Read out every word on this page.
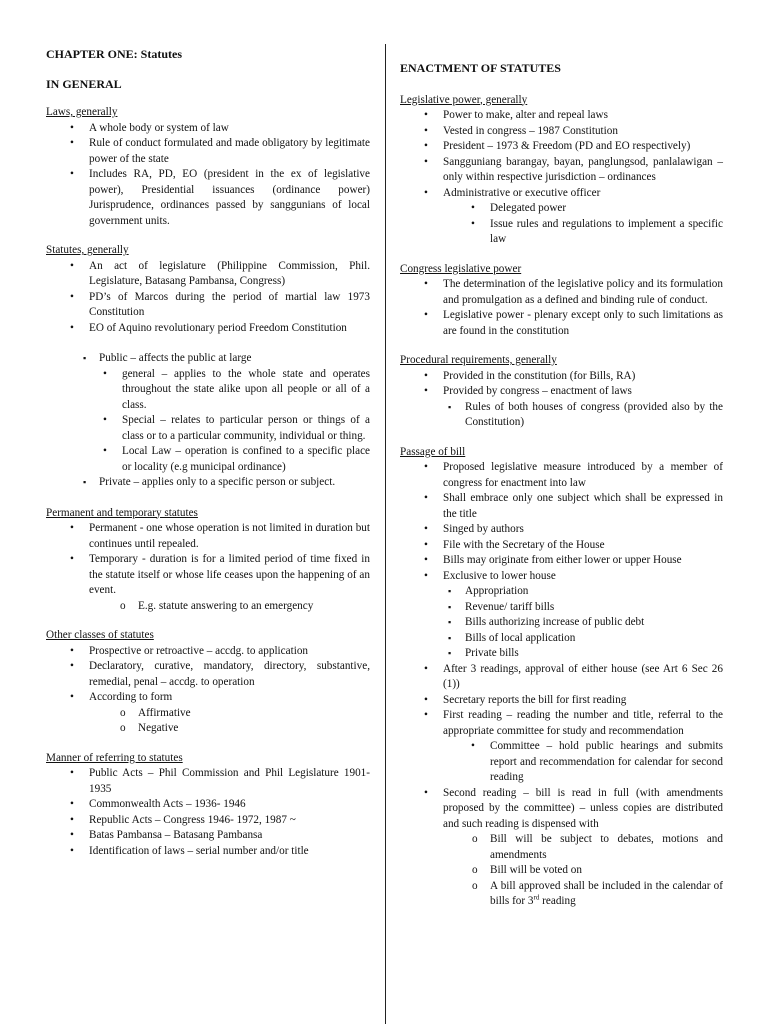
CHAPTER ONE: Statutes
IN GENERAL
Laws, generally
• A whole body or system of law
• Rule of conduct formulated and made obligatory by legitimate power of the state
• Includes RA, PD, EO (president in the ex of legislative power), Presidential issuances (ordinance power) Jurisprudence, ordinances passed by sanggunians of local government units.
Statutes, generally
• An act of legislature (Philippine Commission, Phil. Legislature, Batasang Pambansa, Congress)
• PD’s of Marcos during the period of martial law 1973 Constitution
• EO of Aquino revolutionary period Freedom Constitution
▪ Public – affects the public at large
• general – applies to the whole state and operates throughout the state alike upon all people or all of a class.
• Special – relates to particular person or things of a class or to a particular community, individual or thing.
• Local Law – operation is confined to a specific place or locality (e.g municipal ordinance)
▪ Private – applies only to a specific person or subject.
Permanent and temporary statutes
• Permanent - one whose operation is not limited in duration but continues until repealed.
• Temporary - duration is for a limited period of time fixed in the statute itself or whose life ceases upon the happening of an event.
o E.g. statute answering to an emergency
Other classes of statutes
• Prospective or retroactive – accdg. to application
• Declaratory, curative, mandatory, directory, substantive, remedial, penal – accdg. to operation
• According to form
o Affirmative
o Negative
Manner of referring to statutes
• Public Acts – Phil Commission and Phil Legislature 1901- 1935
• Commonwealth Acts – 1936- 1946
• Republic Acts – Congress 1946- 1972, 1987 ~
• Batas Pambansa – Batasang Pambansa
• Identification of laws – serial number and/or title
ENACTMENT OF STATUTES
Legislative power, generally
• Power to make, alter and repeal laws
• Vested in congress – 1987 Constitution
• President – 1973 & Freedom (PD and EO respectively)
• Sangguniang barangay, bayan, panglungsod, panlalawigan – only within respective jurisdiction – ordinances
• Administrative or executive officer
• Delegated power
• Issue rules and regulations to implement a specific law
Congress legislative power
• The determination of the legislative policy and its formulation and promulgation as a defined and binding rule of conduct.
• Legislative power - plenary except only to such limitations as are found in the constitution
Procedural requirements, generally
• Provided in the constitution (for Bills, RA)
• Provided by congress – enactment of laws
▪ Rules of both houses of congress (provided also by the Constitution)
Passage of bill
• Proposed legislative measure introduced by a member of congress for enactment into law
• Shall embrace only one subject which shall be expressed in the title
• Singed by authors
• File with the Secretary of the House
• Bills may originate from either lower or upper House
• Exclusive to lower house
▪ Appropriation
▪ Revenue/ tariff bills
▪ Bills authorizing increase of public debt
▪ Bills of local application
▪ Private bills
• After 3 readings, approval of either house (see Art 6 Sec 26 (1))
• Secretary reports the bill for first reading
• First reading – reading the number and title, referral to the appropriate committee for study and recommendation
• Committee – hold public hearings and submits report and recommendation for calendar for second reading
• Second reading – bill is read in full (with amendments proposed by the committee) – unless copies are distributed and such reading is dispensed with
o Bill will be subject to debates, motions and amendments
o Bill will be voted on
o A bill approved shall be included in the calendar of bills for 3rd reading
